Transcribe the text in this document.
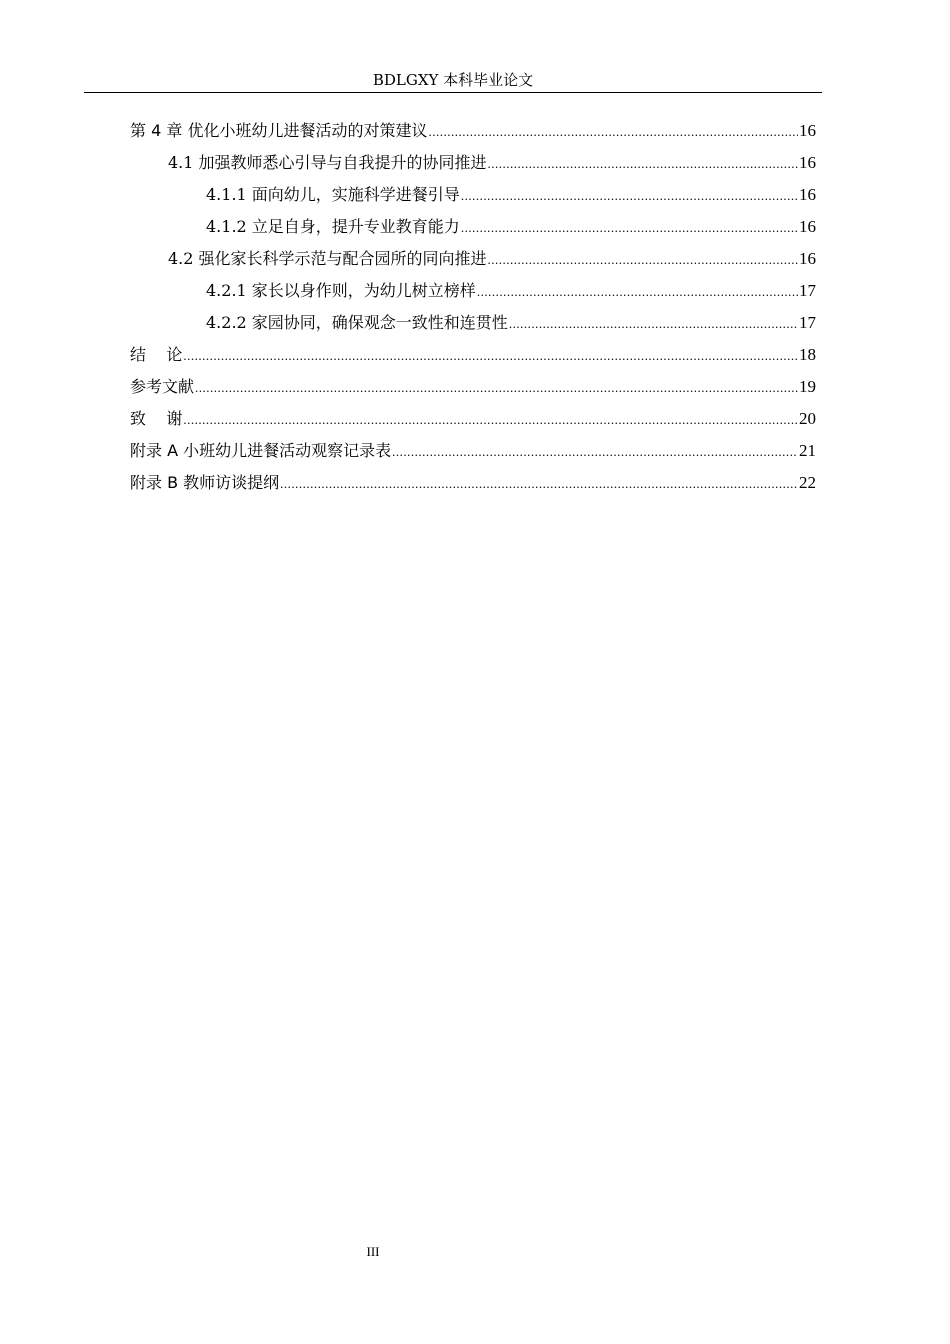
BDLGXY 本科毕业论文
第 4 章 优化小班幼儿进餐活动的对策建议 .....	16
4.1 加强教师悉心引导与自我提升的协同推进 .....	16
4.1.1 面向幼儿，实施科学进餐引导 .....	16
4.1.2 立足自身，提升专业教育能力 .....	16
4.2 强化家长科学示范与配合园所的同向推进 .....	16
4.2.1 家长以身作则，为幼儿树立榜样 .....	17
4.2.2 家园协同，确保观念一致性和连贯性 .....	17
结    论 .....	18
参考文献 .....	19
致    谢 .....	20
附录 A 小班幼儿进餐活动观察记录表 .....	21
附录 B 教师访谈提纲 .....	22
III
